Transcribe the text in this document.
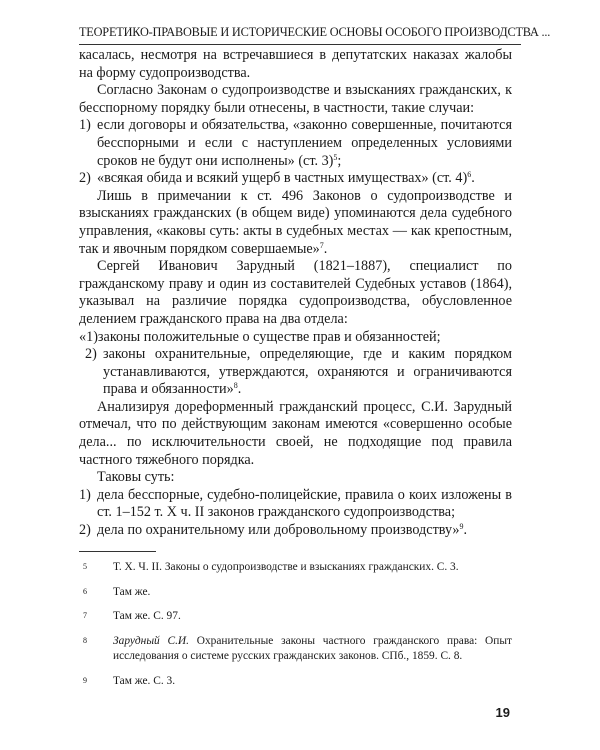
ТЕОРЕТИКО-ПРАВОВЫЕ И ИСТОРИЧЕСКИЕ ОСНОВЫ ОСОБОГО ПРОИЗВОДСТВА ...

касалась, несмотря на встречавшиеся в депутатских наказах жалобы на форму судопроизводства.

Согласно Законам о судопроизводстве и взысканиях гражданских, к бесспорному порядку были отнесены, в частности, такие случаи:

1) если договоры и обязательства, «законно совершенные, почитаются бесспорными и если с наступлением определенных условиями сроков не будут они исполнены» (ст. 3)$^5$;
2) «всякая обида и всякий ущерб в частных имуществах» (ст. 4)$^6$.

Лишь в примечании к ст. 496 Законов о судопроизводстве и взысканиях гражданских (в общем виде) упоминаются дела судебного управления, «каковы суть: акты в судебных местах — как крепостным, так и явочным порядком совершаемые»$^7$.

Сергей Иванович Зарудный (1821–1887), специалист по гражданскому праву и один из составителей Судебных уставов (1864), указывал на различие порядка судопроизводства, обусловленное делением гражданского права на два отдела:

«1) законы положительные о существе прав и обязанностей;
2) законы охранительные, определяющие, где и каким порядком устанавливаются, утверждаются, охраняются и ограничиваются права и обязанности»$^8$.

Анализируя дореформенный гражданский процесс, С.И. Зарудный отмечал, что по действующим законам имеются «совершенно особые дела... по исключительности своей, не подходящие под правила частного тяжебного порядка.

Таковы суть:

1) дела бесспорные, судебно-полицейские, правила о коих изложены в ст. 1–152 т. X ч. II законов гражданского судопроизводства;
2) дела по охранительному или добровольному производству»$^9$.
5	Т. Х. Ч. II. Законы о судопроизводстве и взысканиях гражданских. С. 3.
6	Там же.
7	Там же. С. 97.
8	Зарудный С.И. Охранительные законы частного гражданского права: Опыт исследования о системе русских гражданских законов. СПб., 1859. С. 8.
9	Там же. С. 3.
19
